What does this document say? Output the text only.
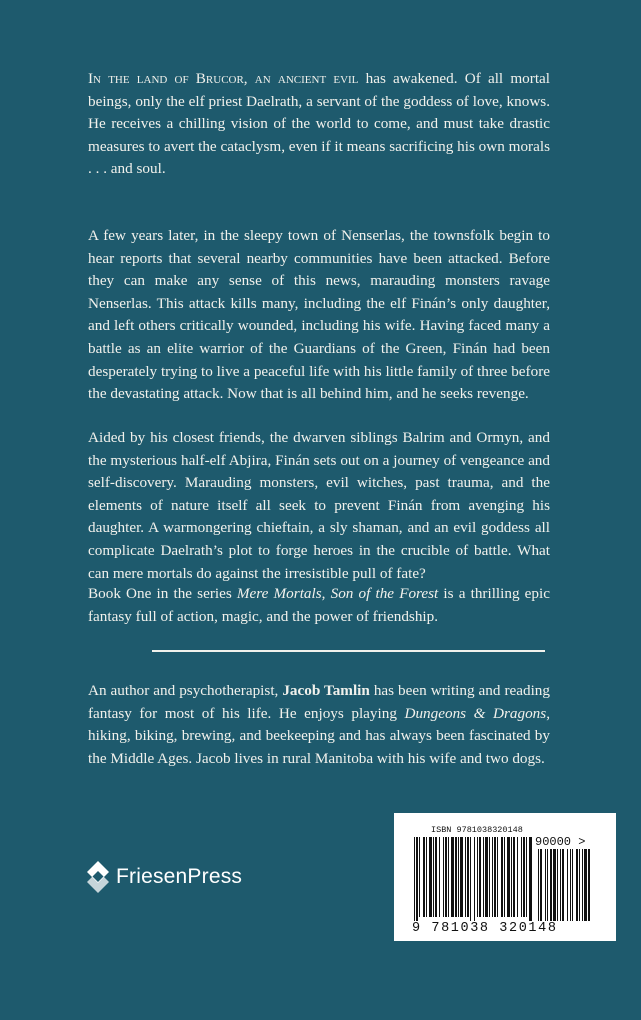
In the land of Brucor, an ancient evil has awakened. Of all mortal beings, only the elf priest Daelrath, a servant of the goddess of love, knows. He receives a chilling vision of the world to come, and must take drastic measures to avert the cataclysm, even if it means sacrificing his own morals . . . and soul.

A few years later, in the sleepy town of Nenserlas, the townsfolk begin to hear reports that several nearby communities have been attacked. Before they can make any sense of this news, marauding monsters ravage Nenserlas. This attack kills many, including the elf Finán’s only daughter, and left others critically wounded, including his wife. Having faced many a battle as an elite warrior of the Guardians of the Green, Finán had been desperately trying to live a peaceful life with his little family of three before the devastating attack. Now that is all behind him, and he seeks revenge.

Aided by his closest friends, the dwarven siblings Balrim and Ormyn, and the mysterious half-elf Abjira, Finán sets out on a journey of vengeance and self-discovery. Marauding monsters, evil witches, past trauma, and the elements of nature itself all seek to prevent Finán from avenging his daughter. A warmongering chieftain, a sly shaman, and an evil goddess all complicate Daelrath’s plot to forge heroes in the crucible of battle. What can mere mortals do against the irresistible pull of fate?

Book One in the series Mere Mortals, Son of the Forest is a thrilling epic fantasy full of action, magic, and the power of friendship.

An author and psychotherapist, Jacob Tamlin has been writing and reading fantasy for most of his life. He enjoys playing Dungeons & Dragons, hiking, biking, brewing, and beekeeping and has always been fascinated by the Middle Ages. Jacob lives in rural Manitoba with his wife and two dogs.

FriesenPress
ISBN 9781038320148
90000 >
9 781038 320148
